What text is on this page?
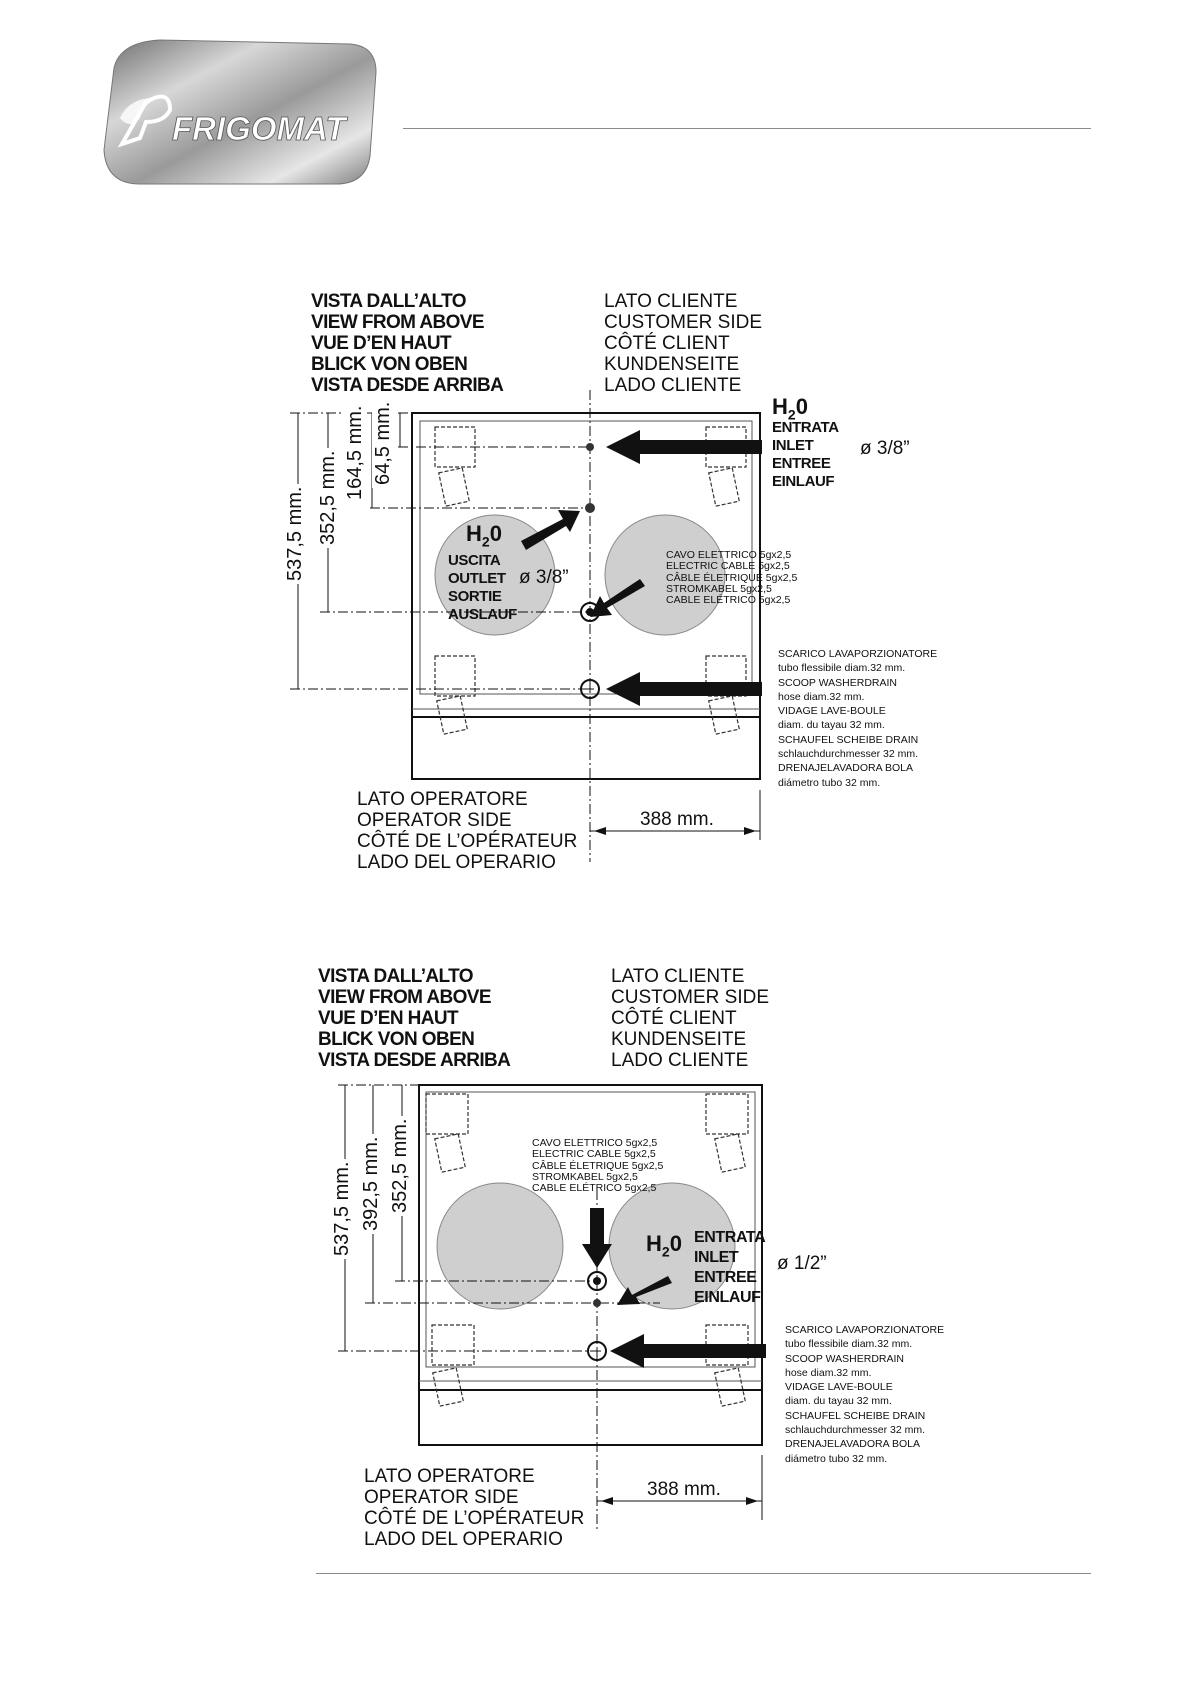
FRIGOMAT
VISTA DALL’ALTO
VIEW FROM ABOVE
VUE D’EN HAUT
BLICK VON OBEN
VISTA DESDE ARRIBA
LATO CLIENTE
CUSTOMER SIDE
CÔTÉ CLIENT
KUNDENSEITE
LADO CLIENTE
$H_20$
ENTRATA
INLET
ENTREE
EINLAUF
ø 3/8”
$H_20$
USCITA
OUTLET
SORTIE
AUSLAUF
ø 3/8”
CAVO ELETTRICO 5gx2,5
ELECTRIC CABLE 5gx2,5
CÂBLE ÉLETRIQUE 5gx2,5
STROMKABEL 5gx2,5
CABLE ELÉTRICO 5gx2,5
SCARICO LAVAPORZIONATORE
tubo flessibile diam.32 mm.
SCOOP WASHERDRAIN
hose diam.32 mm.
VIDAGE LAVE-BOULE
diam. du tayau 32 mm.
SCHAUFEL SCHEIBE DRAIN
schlauchdurchmesser 32 mm.
DRENAJELAVADORA BOLA
diámetro tubo 32 mm.
LATO OPERATORE
OPERATOR SIDE
CÔTÉ DE L’OPÉRATEUR
LADO DEL OPERARIO
388 mm.
537,5 mm. 352,5 mm. 164,5 mm. 64,5 mm.
VISTA DALL’ALTO
VIEW FROM ABOVE
VUE D’EN HAUT
BLICK VON OBEN
VISTA DESDE ARRIBA
LATO CLIENTE
CUSTOMER SIDE
CÔTÉ CLIENT
KUNDENSEITE
LADO CLIENTE
CAVO ELETTRICO 5gx2,5
ELECTRIC CABLE 5gx2,5
CÂBLE ÉLETRIQUE 5gx2,5
STROMKABEL 5gx2,5
CABLE ELÉTRICO 5gx2,5
$H_20$ ENTRATA
INLET
ENTREE
EINLAUF
ø 1/2”
SCARICO LAVAPORZIONATORE
tubo flessibile diam.32 mm.
SCOOP WASHERDRAIN
hose diam.32 mm.
VIDAGE LAVE-BOULE
diam. du tayau 32 mm.
SCHAUFEL SCHEIBE DRAIN
schlauchdurchmesser 32 mm.
DRENAJELAVADORA BOLA
diámetro tubo 32 mm.
LATO OPERATORE
OPERATOR SIDE
CÔTÉ DE L’OPÉRATEUR
LADO DEL OPERARIO
388 mm.
537,5 mm. 392,5 mm. 352,5 mm.
